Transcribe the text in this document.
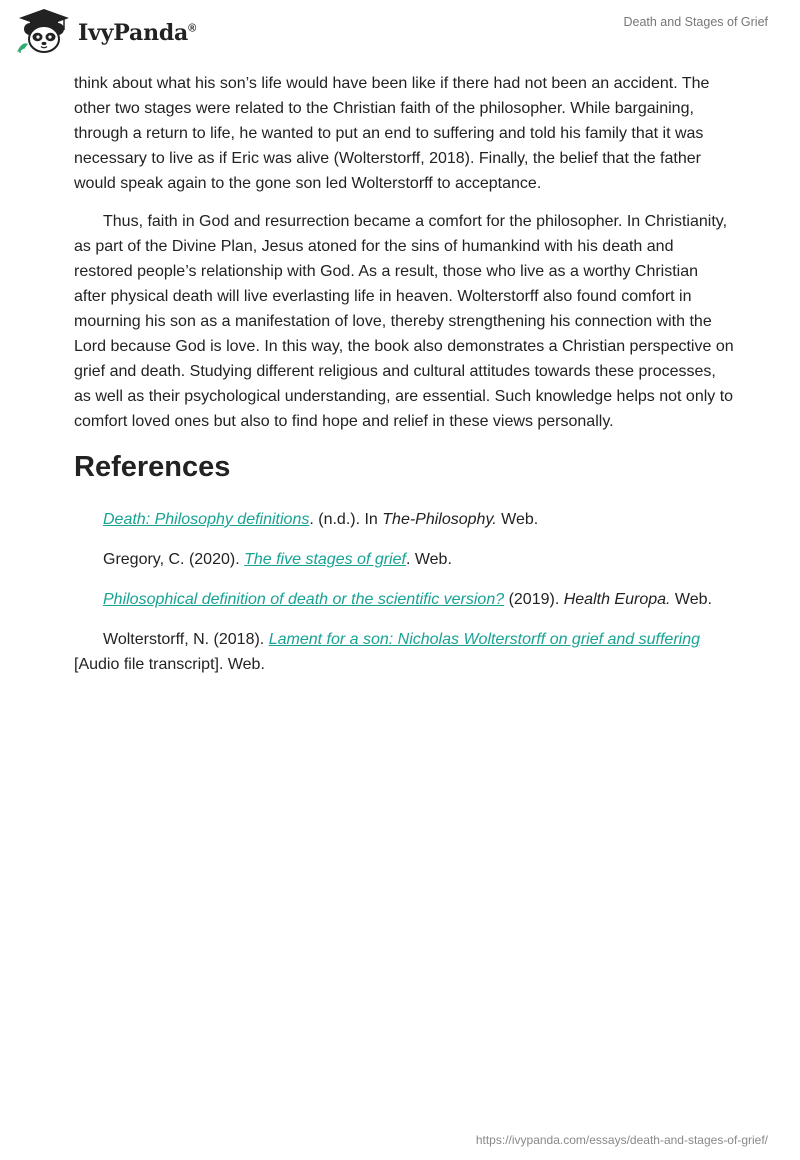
IvyPanda®	Death and Stages of Grief

think about what his son’s life would have been like if there had not been an accident. The other two stages were related to the Christian faith of the philosopher. While bargaining, through a return to life, he wanted to put an end to suffering and told his family that it was necessary to live as if Eric was alive (Wolterstorff, 2018). Finally, the belief that the father would speak again to the gone son led Wolterstorff to acceptance.

Thus, faith in God and resurrection became a comfort for the philosopher. In Christianity, as part of the Divine Plan, Jesus atoned for the sins of humankind with his death and restored people’s relationship with God. As a result, those who live as a worthy Christian after physical death will live everlasting life in heaven. Wolterstorff also found comfort in mourning his son as a manifestation of love, thereby strengthening his connection with the Lord because God is love. In this way, the book also demonstrates a Christian perspective on grief and death. Studying different religious and cultural attitudes towards these processes, as well as their psychological understanding, are essential. Such knowledge helps not only to comfort loved ones but also to find hope and relief in these views personally.

References

Death: Philosophy definitions. (n.d.). In The-Philosophy. Web.

Gregory, C. (2020). The five stages of grief. Web.

Philosophical definition of death or the scientific version? (2019). Health Europa. Web.

Wolterstorff, N. (2018). Lament for a son: Nicholas Wolterstorff on grief and suffering [Audio file transcript]. Web.

https://ivypanda.com/essays/death-and-stages-of-grief/
